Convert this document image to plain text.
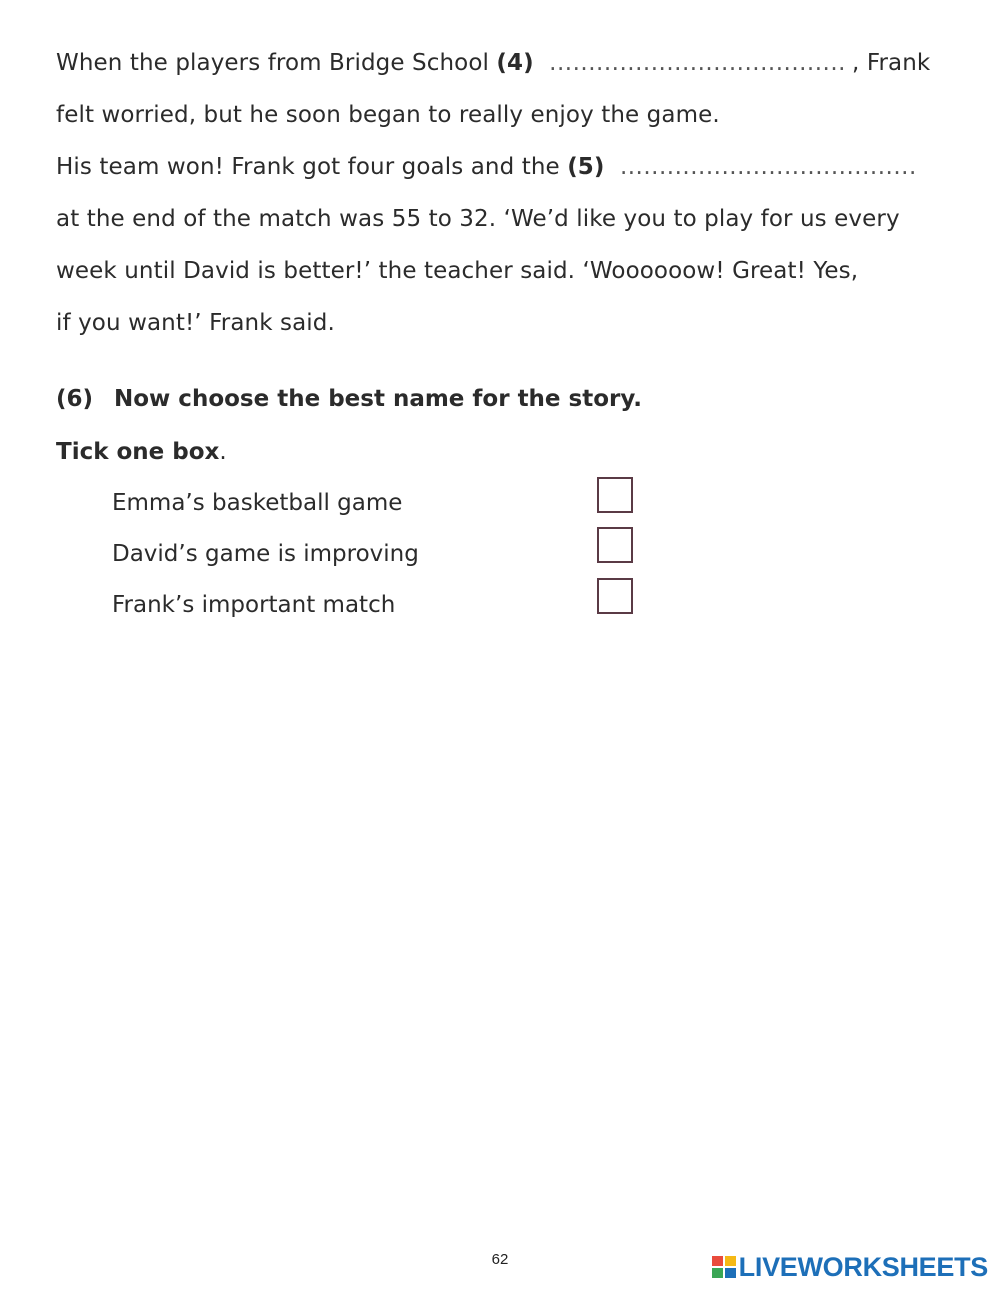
When the players from Bridge School (4) ...................................... , Frank
felt worried, but he soon began to really enjoy the game.
His team won! Frank got four goals and the (5) ......................................
at the end of the match was 55 to 32. ‘We’d like you to play for us every
week until David is better!’ the teacher said. ‘Woooooow! Great! Yes,
if you want!’ Frank said.
(6) Now choose the best name for the story.
Tick one box.
Emma’s basketball game
David’s game is improving
Frank’s important match
62	LIVEWORKSHEETS
